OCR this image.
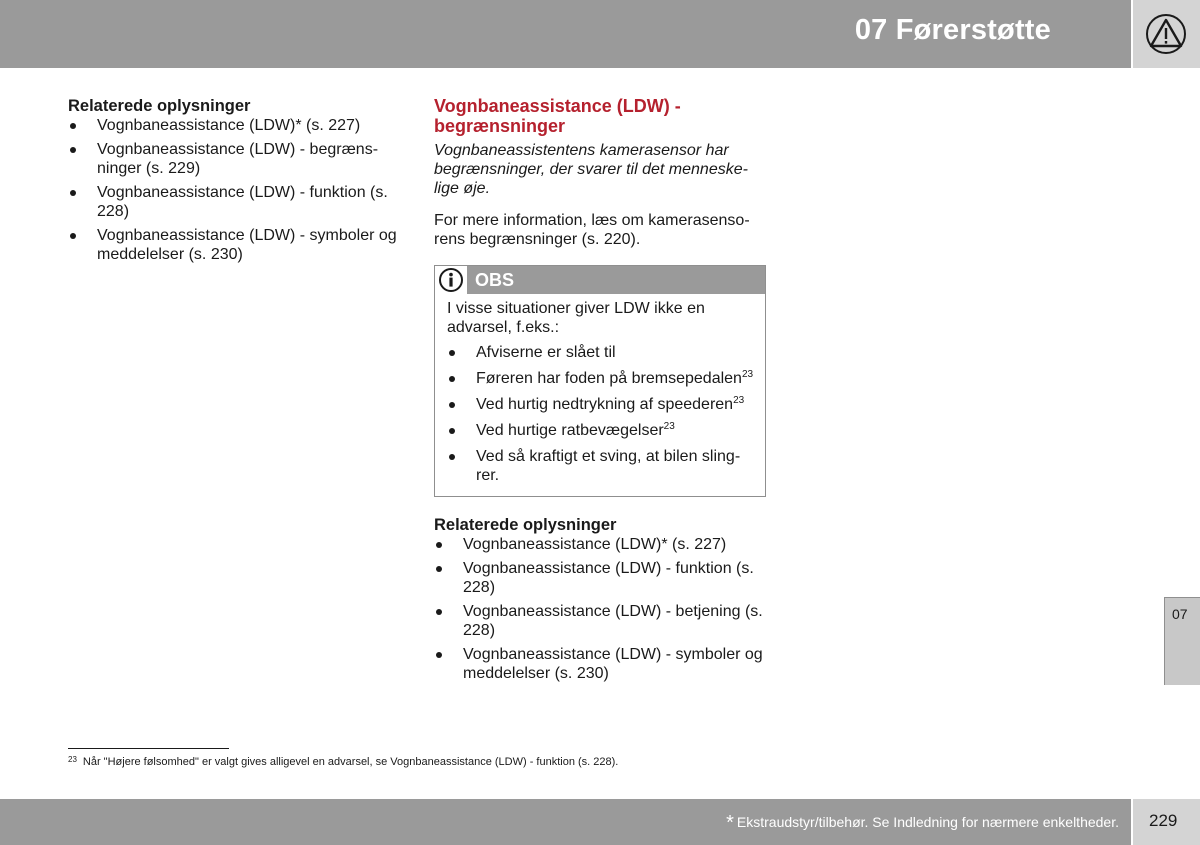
07 Førerstøtte
Relaterede oplysninger
Vognbaneassistance (LDW)* (s. 227)
Vognbaneassistance (LDW) - begræns-ninger (s. 229)
Vognbaneassistance (LDW) - funktion (s. 228)
Vognbaneassistance (LDW) - symboler og meddelelser (s. 230)
Vognbaneassistance (LDW) - begrænsninger

Vognbaneassistentens kamerasensor har begrænsninger, der svarer til det menneske-lige øje.

For mere information, læs om kamerasenso-rens begrænsninger (s. 220).

OBS

I visse situationer giver LDW ikke en advarsel, f.eks.:

Afviserne er slået til
Føreren har foden på bremsepedalen$^{23}$
Ved hurtig nedtrykning af speederen$^{23}$
Ved hurtige ratbevægelser$^{23}$
Ved så kraftigt et sving, at bilen sling-rer.
Relaterede oplysninger
Vognbaneassistance (LDW)* (s. 227)
Vognbaneassistance (LDW) - funktion (s. 228)
Vognbaneassistance (LDW) - betjening (s. 228)
Vognbaneassistance (LDW) - symboler og meddelelser (s. 230)
07
$^{23}$ Når "Højere følsomhed" er valgt gives alligevel en advarsel, se Vognbaneassistance (LDW) - funktion (s. 228).
* Ekstraudstyr/tilbehør. Se Indledning for nærmere enkeltheder. 229
